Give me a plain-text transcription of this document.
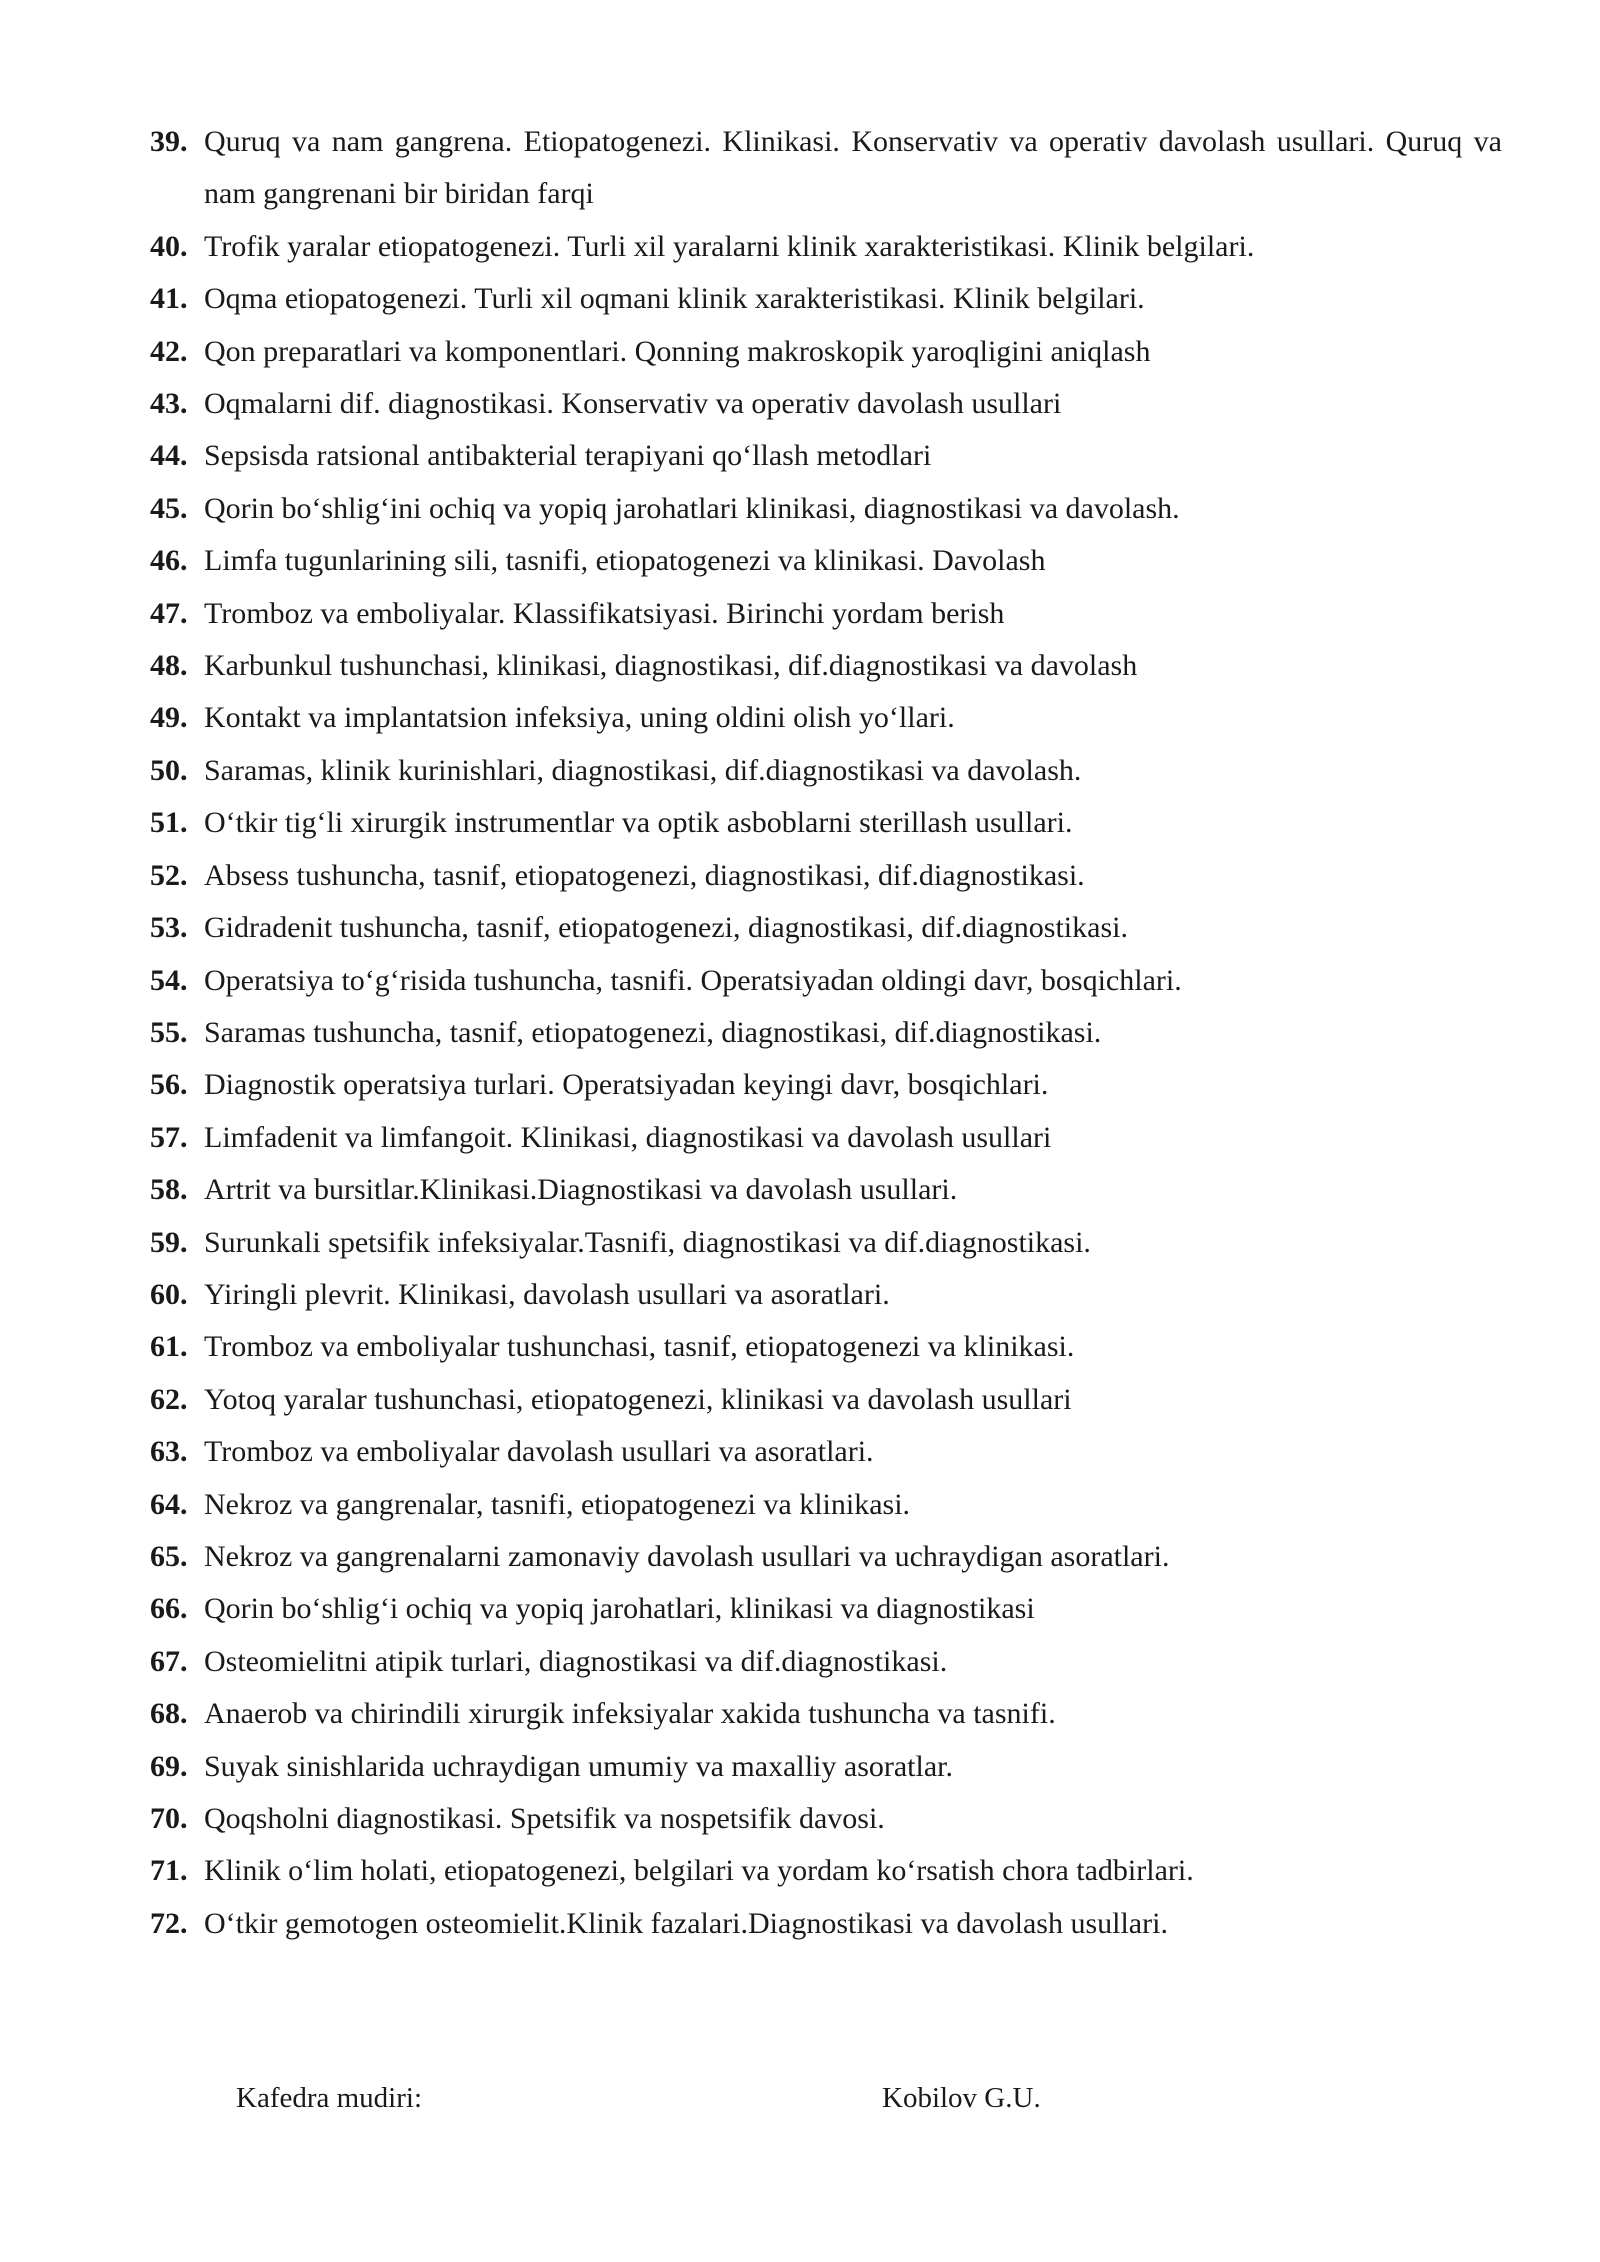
39. Quruq va nam gangrena. Etiopatogenezi. Klinikasi. Konservativ va operativ davolash usullari. Quruq va nam gangrenani bir biridan farqi
40. Trofik yaralar etiopatogenezi. Turli xil yaralarni klinik xarakteristikasi. Klinik belgilari.
41. Oqma etiopatogenezi. Turli xil oqmani klinik xarakteristikasi. Klinik belgilari.
42. Qon preparatlari va komponentlari. Qonning makroskopik yaroqligini aniqlash
43. Oqmalarni dif. diagnostikasi. Konservativ va operativ davolash usullari
44. Sepsisda ratsional antibakterial terapiyani qo‘llash metodlari
45. Qorin bo‘shlig‘ini ochiq va yopiq jarohatlari klinikasi, diagnostikasi va davolash.
46. Limfa tugunlarining sili, tasnifi, etiopatogenezi va klinikasi. Davolash
47. Tromboz va emboliyalar. Klassifikatsiyasi. Birinchi yordam berish
48. Karbunkul tushunchasi, klinikasi, diagnostikasi, dif.diagnostikasi va davolash
49. Kontakt va implantatsion infeksiya, uning oldini olish yo‘llari.
50. Saramas, klinik kurinishlari, diagnostikasi, dif.diagnostikasi va davolash.
51. O‘tkir tig‘li xirurgik instrumentlar va optik asboblarni sterillash usullari.
52. Absess tushuncha, tasnif, etiopatogenezi, diagnostikasi, dif.diagnostikasi.
53. Gidradenit tushuncha, tasnif, etiopatogenezi, diagnostikasi, dif.diagnostikasi.
54. Operatsiya to‘g‘risida tushuncha, tasnifi. Operatsiyadan oldingi davr, bosqichlari.
55. Saramas tushuncha, tasnif, etiopatogenezi, diagnostikasi, dif.diagnostikasi.
56. Diagnostik operatsiya turlari. Operatsiyadan keyingi davr, bosqichlari.
57. Limfadenit va limfangoit. Klinikasi, diagnostikasi va davolash usullari
58. Artrit va bursitlar.Klinikasi.Diagnostikasi va davolash usullari.
59. Surunkali spetsifik infeksiyalar.Tasnifi, diagnostikasi va dif.diagnostikasi.
60. Yiringli plevrit. Klinikasi, davolash usullari va asoratlari.
61. Tromboz va emboliyalar tushunchasi, tasnif, etiopatogenezi va klinikasi.
62. Yotoq yaralar tushunchasi, etiopatogenezi, klinikasi va davolash usullari
63. Tromboz va emboliyalar davolash usullari va asoratlari.
64. Nekroz va gangrenalar, tasnifi, etiopatogenezi va klinikasi.
65. Nekroz va gangrenalarni zamonaviy davolash usullari va uchraydigan asoratlari.
66. Qorin bo‘shlig‘i ochiq va yopiq jarohatlari, klinikasi va diagnostikasi
67. Osteomielitni atipik turlari, diagnostikasi va dif.diagnostikasi.
68. Anaerob va chirindili xirurgik infeksiyalar xakida tushuncha va tasnifi.
69. Suyak sinishlarida uchraydigan umumiy va maxalliy asoratlar.
70. Qoqsholni diagnostikasi. Spetsifik va nospetsifik davosi.
71. Klinik o‘lim holati, etiopatogenezi, belgilari va yordam ko‘rsatish chora tadbirlari.
72. O‘tkir gemotogen osteomielit.Klinik fazalari.Diagnostikasi va davolash usullari.
Kafedra mudiri:	Kobilov G.U.
